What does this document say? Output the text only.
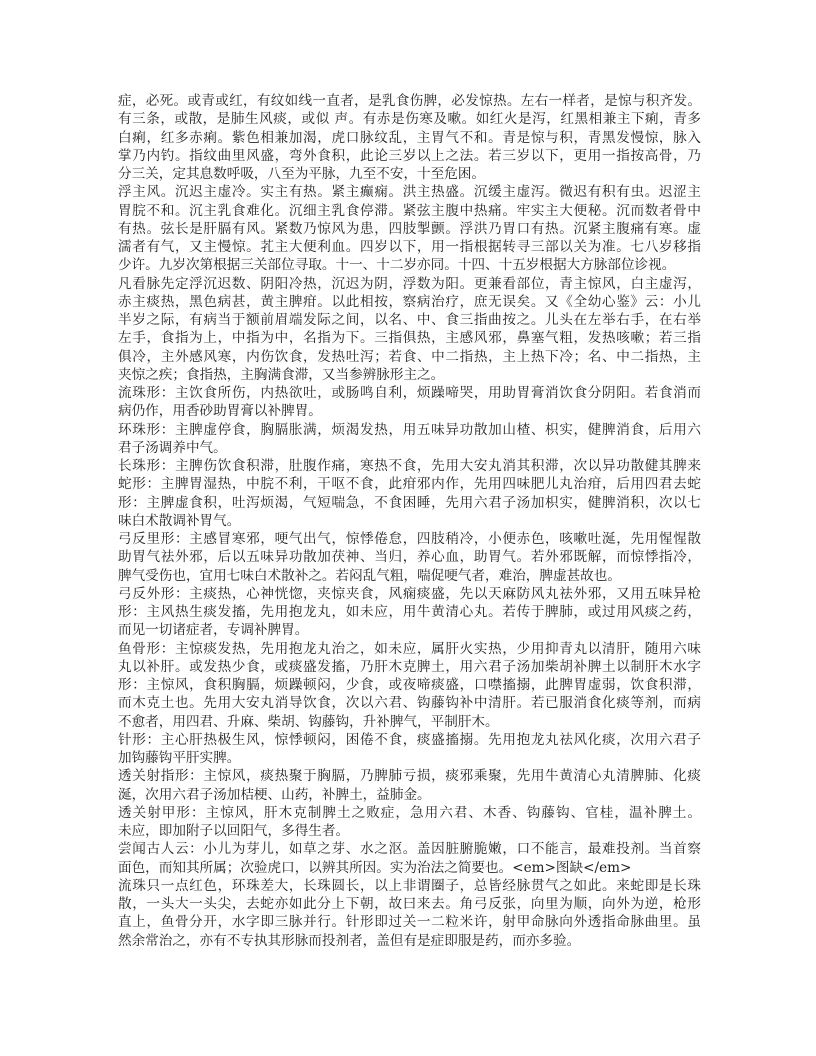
症，必死。或青或红，有纹如线一直者，是乳食伤脾，必发惊热。左右一样者，是惊与积齐发。
有三条，或散，是肺生风痰，或似 声。有赤是伤寒及嗽。如红火是泻，红黑相兼主下痢，青多
白痢，红多赤痢。紫色相兼加渴，虎口脉纹乱，主胃气不和。青是惊与积，青黑发慢惊，脉入
掌乃内钓。指纹曲里风盛，弯外食积，此论三岁以上之法。若三岁以下，更用一指按高骨，乃
分三关，定其息数呼吸，八至为平脉，九至不安，十至危困。
浮主风。沉迟主虚冷。实主有热。紧主癫痫。洪主热盛。沉缓主虚泻。微迟有积有虫。迟涩主
胃脘不和。沉主乳食难化。沉细主乳食停滞。紧弦主腹中热痛。牢实主大便秘。沉而数者骨中
有热。弦长是肝膈有风。紧数乃惊风为患，四肢掣颤。浮洪乃胃口有热。沉紧主腹痛有寒。虚
濡者有气，又主慢惊。芤主大便利血。四岁以下，用一指根据转寻三部以关为准。七八岁移指
少许。九岁次第根据三关部位寻取。十一、十二岁亦同。十四、十五岁根据大方脉部位诊视。
凡看脉先定浮沉迟数、阴阳冷热，沉迟为阴，浮数为阳。更兼看部位，青主惊风，白主虚泻，
赤主痰热，黑色病甚，黄主脾疳。以此相按，察病治疗，庶无误矣。又《全幼心鉴》云：小儿
半岁之际，有病当于额前眉端发际之间，以名、中、食三指曲按之。儿头在左举右手，在右举
左手，食指为上，中指为中，名指为下。三指俱热，主感风邪，鼻塞气粗，发热咳嗽；若三指
俱冷，主外感风寒，内伤饮食，发热吐泻；若食、中二指热，主上热下冷；名、中二指热，主
夹惊之疾；食指热，主胸满食滞，又当参辨脉形主之。
流珠形：主饮食所伤，内热欲吐，或肠鸣自利，烦躁啼哭，用助胃膏消饮食分阴阳。若食消而
病仍作，用香砂助胃膏以补脾胃。
环珠形：主脾虚停食，胸膈胀满，烦渴发热，用五味异功散加山楂、枳实，健脾消食，后用六
君子汤调养中气。
长珠形：主脾伤饮食积滞，肚腹作痛，寒热不食，先用大安丸消其积滞，次以异功散健其脾来
蛇形：主脾胃湿热，中脘不利，干呕不食，此疳邪内作，先用四味肥儿丸治疳，后用四君去蛇
形：主脾虚食积，吐泻烦渴，气短喘急，不食困睡，先用六君子汤加枳实，健脾消积，次以七
味白术散调补胃气。
弓反里形：主感冒寒邪，哽气出气，惊悸倦怠，四肢稍冷，小便赤色，咳嗽吐涎，先用惺惺散
助胃气祛外邪，后以五味异功散加茯神、当归，养心血，助胃气。若外邪既解，而惊悸指冷，
脾气受伤也，宜用七味白术散补之。若闷乱气粗，喘促哽气者，难治，脾虚甚故也。
弓反外形：主痰热，心神恍惚，夹惊夹食，风痫痰盛，先以天麻防风丸祛外邪，又用五味异枪
形：主风热生痰发搐，先用抱龙丸，如未应，用牛黄清心丸。若传于脾肺，或过用风痰之药，
而见一切诸症者，专调补脾胃。
鱼骨形：主惊痰发热，先用抱龙丸治之，如未应，属肝火实热，少用抑青丸以清肝，随用六味
丸以补肝。或发热少食，或痰盛发搐，乃肝木克脾土，用六君子汤加柴胡补脾土以制肝木水字
形：主惊风，食积胸膈，烦躁顿闷，少食，或夜啼痰盛，口噤搐搦，此脾胃虚弱，饮食积滞，
而木克土也。先用大安丸消导饮食，次以六君、钩藤钩补中清肝。若已服消食化痰等剂，而病
不愈者，用四君、升麻、柴胡、钩藤钩，升补脾气，平制肝木。
针形：主心肝热极生风，惊悸顿闷，困倦不食，痰盛搐搦。先用抱龙丸祛风化痰，次用六君子
加钩藤钩平肝实脾。
透关射指形：主惊风，痰热聚于胸膈，乃脾肺亏损，痰邪乘聚，先用牛黄清心丸清脾肺、化痰
涎，次用六君子汤加桔梗、山药，补脾土，益肺金。
透关射甲形：主惊风，肝木克制脾土之败症，急用六君、木香、钩藤钩、官桂，温补脾土。
未应，即加附子以回阳气，多得生者。
尝闻古人云：小儿为芽儿，如草之芽、水之沤。盖因脏腑脆嫩，口不能言，最难投剂。当首察
面色，而知其所属；次验虎口，以辨其所因。实为治法之简要也。<em>图缺</em>
流珠只一点红色，环珠差大，长珠圆长，以上非谓圈子，总皆经脉贯气之如此。来蛇即是长珠
散，一头大一头尖，去蛇亦如此分上下朝，故曰来去。角弓反张，向里为顺，向外为逆，枪形
直上，鱼骨分开，水字即三脉并行。针形即过关一二粒米许，射甲命脉向外透指命脉曲里。虽
然余常治之，亦有不专执其形脉而投剂者，盖但有是症即服是药，而亦多验。
